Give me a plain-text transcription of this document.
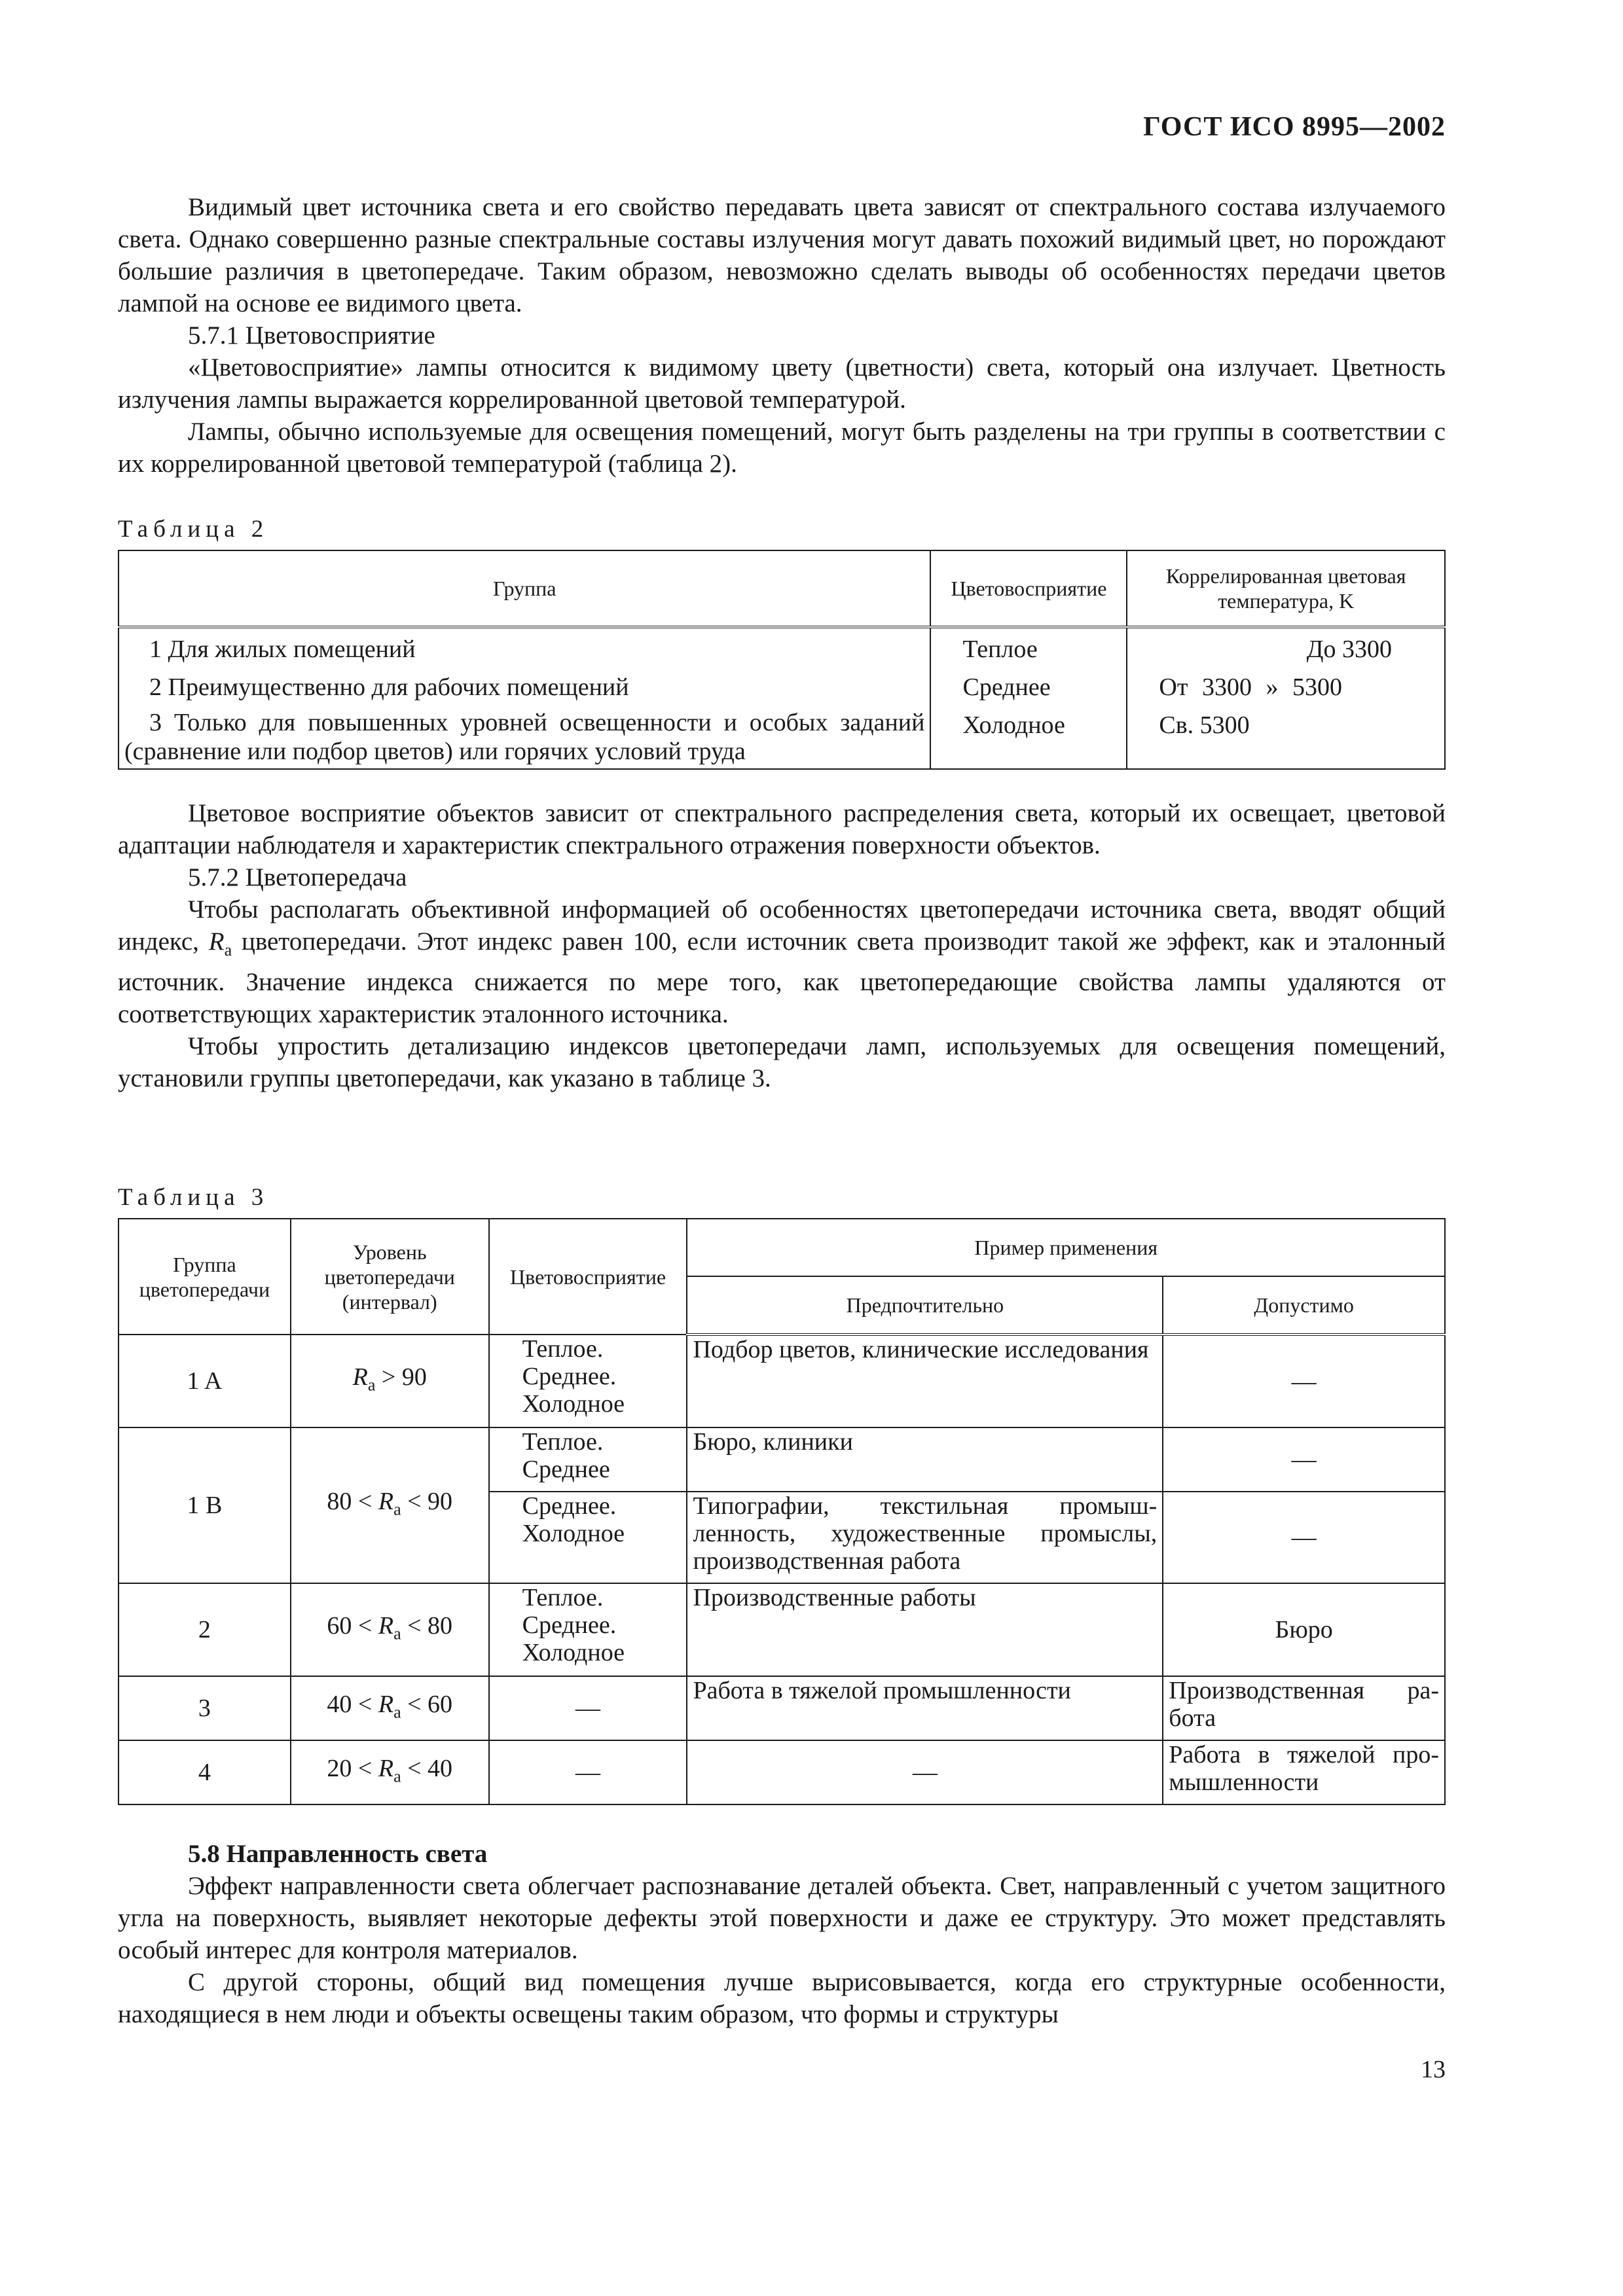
ГОСТ ИСО 8995—2002

Видимый цвет источника света и его свойство передавать цвета зависят от спектрального состава излучаемого света. Однако совершенно разные спектральные составы излучения могут давать похожий видимый цвет, но порождают большие различия в цветопередаче. Таким образом, невозможно сделать выводы об особенностях передачи цветов лампой на основе ее видимого цвета.

5.7.1 Цветовосприятие

«Цветовосприятие» лампы относится к видимому цвету (цветности) света, который она излучает. Цветность излучения лампы выражается коррелированной цветовой температурой.

Лампы, обычно используемые для освещения помещений, могут быть разделены на три группы в соответствии с их коррелированной цветовой температурой (таблица 2).

Таблица 2
Группа	Цветовосприятие	Коррелированная цветовая температура, K
1 Для жилых помещений	Теплое	До 3300
2 Преимущественно для рабочих помещений	Среднее	От 3300 » 5300
3 Только для повышенных уровней освещенности и особых заданий (сравнение или подбор цветов) или горячих условий труда	Холодное	Св. 5300

Цветовое восприятие объектов зависит от спектрального распределения света, который их освещает, цветовой адаптации наблюдателя и характеристик спектрального отражения поверхности объектов.

5.7.2 Цветопередача

Чтобы располагать объективной информацией об особенностях цветопередачи источника света, вводят общий индекс, $R_a$ цветопередачи. Этот индекс равен 100, если источник света производит такой же эффект, как и эталонный источник. Значение индекса снижается по мере того, как цветопередающие свойства лампы удаляются от соответствующих характеристик эталонного источника.

Чтобы упростить детализацию индексов цветопередачи ламп, используемых для освещения помещений, установили группы цветопередачи, как указано в таблице 3.

Таблица 3
Группа цветопередачи	Уровень цветопередачи (интервал)	Цветовосприятие	Пример применения	
			Предпочтительно	Допустимо
1 A	$R_a > 90$	Теплое. Среднее. Холодное	Подбор цветов, клинические исследования	—
1 B	$80 < R_a < 90$	Теплое. Среднее	Бюро, клиники	—
		Среднее. Холодное	Типографии, текстильная промышленность, художественные промыслы, производственная работа	—
2	$60 < R_a < 80$	Теплое. Среднее. Холодное	Производственные работы	Бюро
3	$40 < R_a < 60$	—	Работа в тяжелой промышленности	Производственная работа
4	$20 < R_a < 40$	—	—	Работа в тяжелой промышленности

5.8 Направленность света

Эффект направленности света облегчает распознавание деталей объекта. Свет, направленный с учетом защитного угла на поверхность, выявляет некоторые дефекты этой поверхности и даже ее структуру. Это может представлять особый интерес для контроля материалов.

С другой стороны, общий вид помещения лучше вырисовывается, когда его структурные особенности, находящиеся в нем люди и объекты освещены таким образом, что формы и структуры

13
